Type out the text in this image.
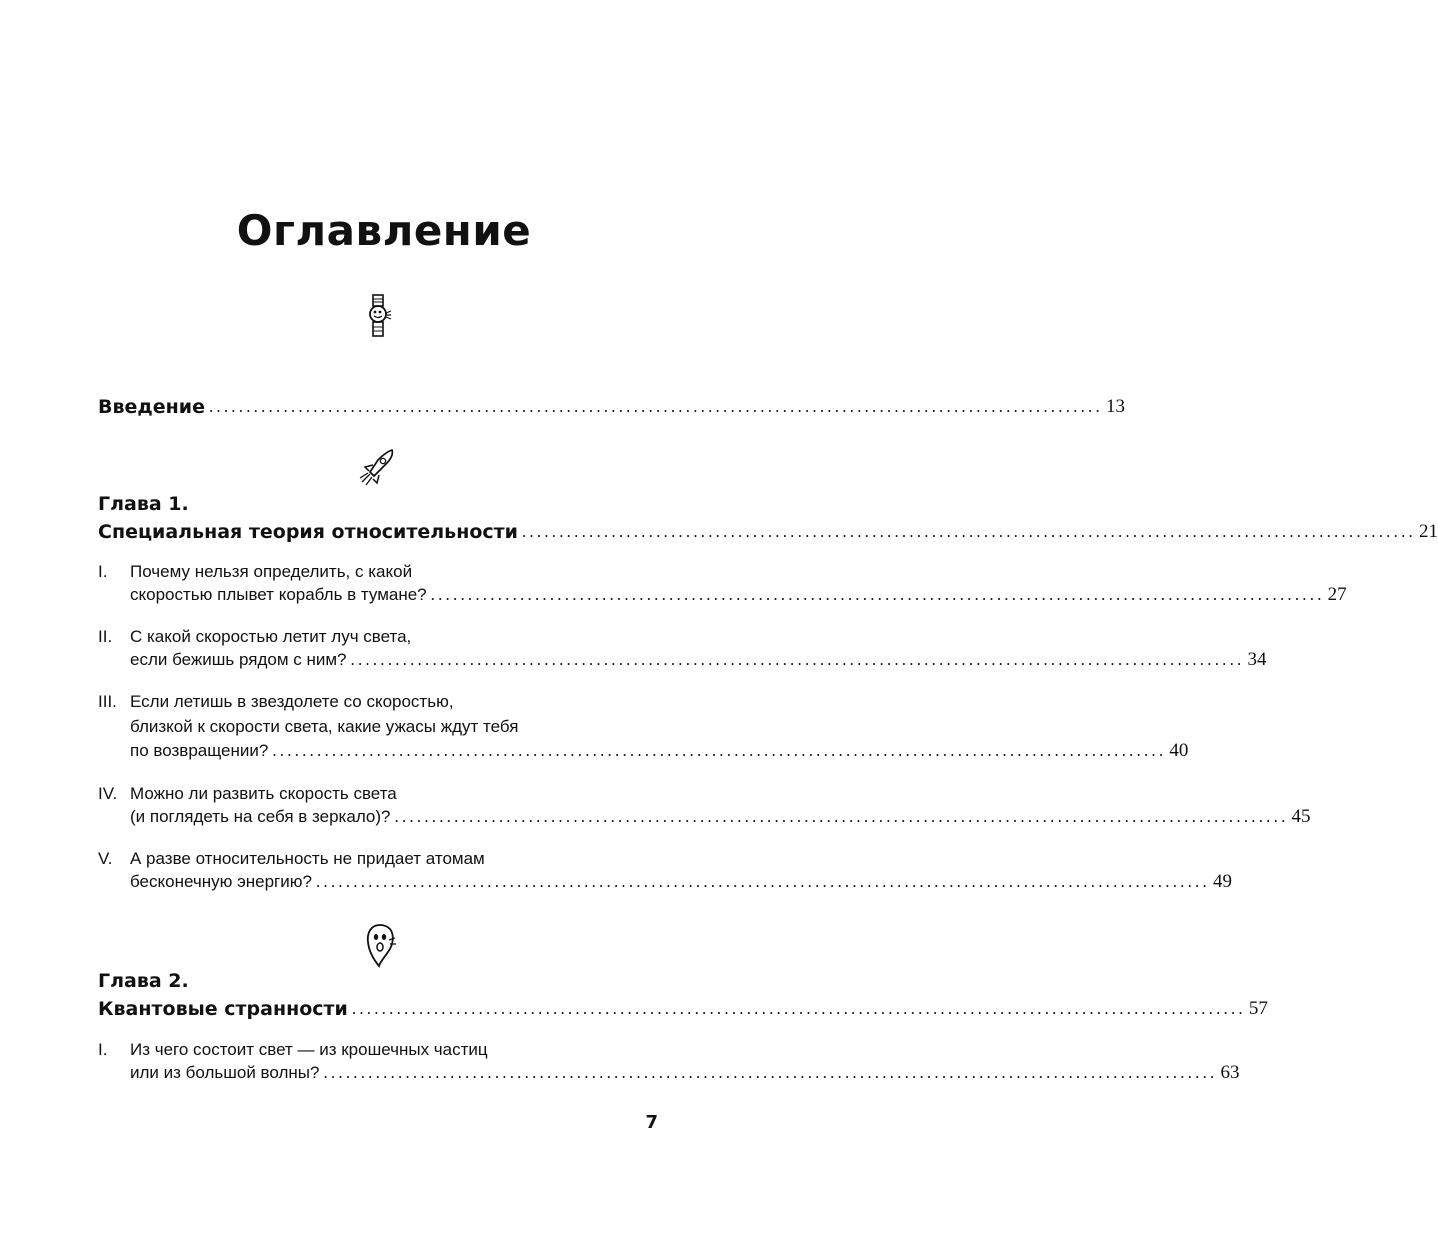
Оглавление
Введение ........................................................................................................................ 13
Глава 1.
Специальная теория относительности ........................................................................................................................ 21
I. Почему нельзя определить, с какой
скоростью плывет корабль в тумане? ........................................................................................................................ 27
II. С какой скоростью летит луч света,
если бежишь рядом с ним? ........................................................................................................................ 34
III. Если летишь в звездолете со скоростью,
близкой к скорости света, какие ужасы ждут тебя
по возвращении? ........................................................................................................................ 40
IV. Можно ли развить скорость света
(и поглядеть на себя в зеркало)? ........................................................................................................................ 45
V. А разве относительность не придает атомам
бесконечную энергию? ........................................................................................................................ 49
Глава 2.
Квантовые странности ........................................................................................................................ 57
I. Из чего состоит свет — из крошечных частиц
или из большой волны? ........................................................................................................................ 63
7
